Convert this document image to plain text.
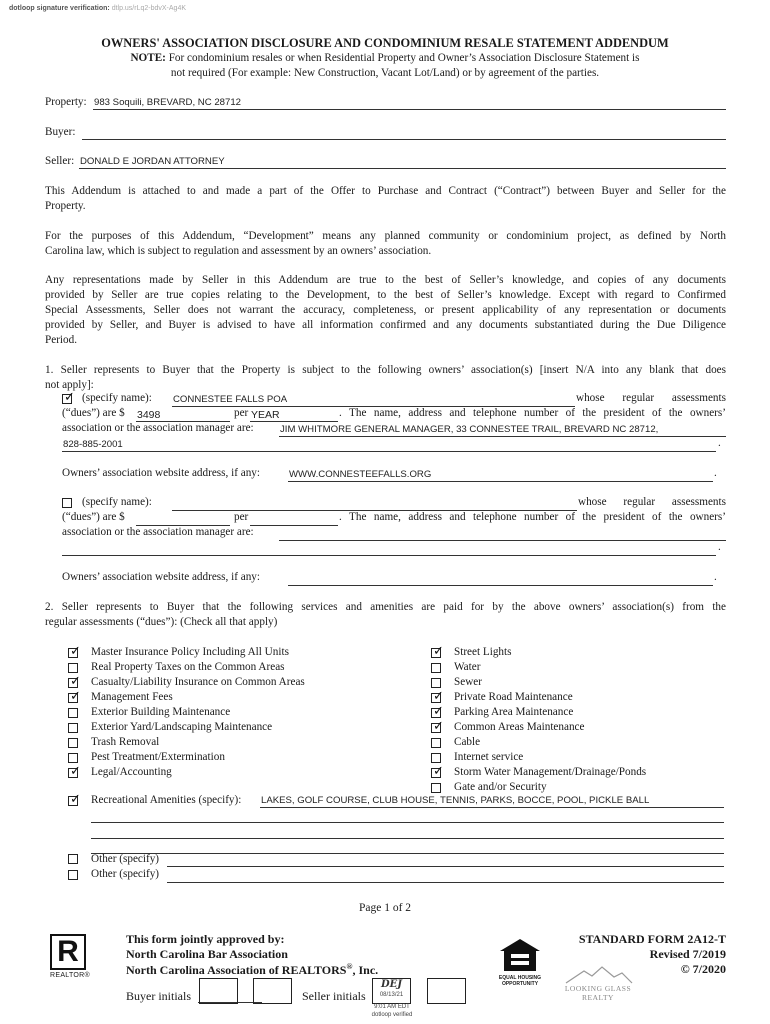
dotloop signature verification: dtlp.us/rLq2-bdvX-Ag4K
OWNERS' ASSOCIATION DISCLOSURE AND CONDOMINIUM RESALE STATEMENT ADDENDUM
NOTE: For condominium resales or when Residential Property and Owner’s Association Disclosure Statement is
not required (For example: New Construction, Vacant Lot/Land) or by agreement of the parties.
Property: 983 Soquili, BREVARD, NC 28712
Buyer:
Seller: DONALD E JORDAN ATTORNEY
This Addendum is attached to and made a part of the Offer to Purchase and Contract (“Contract”) between Buyer and Seller for the
Property.
For the purposes of this Addendum, “Development” means any planned community or condominium project, as defined by North
Carolina law, which is subject to regulation and assessment by an owners’ association.
Any representations made by Seller in this Addendum are true to the best of Seller’s knowledge, and copies of any documents
provided by Seller are true copies relating to the Development, to the best of Seller’s knowledge. Except with regard to Confirmed
Special Assessments, Seller does not warrant the accuracy, completeness, or present applicability of any representation or documents
provided by Seller, and Buyer is advised to have all information confirmed and any documents substantiated during the Due Diligence
Period.
1. Seller represents to Buyer that the Property is subject to the following owners’ association(s) [insert N/A into any blank that does
not apply]:
✓ (specify name): CONNESTEE FALLS POA	whose regular assessments
(“dues”) are $ 3498	per YEAR	. The name, address and telephone number of the president of the owners’
association or the association manager are:	JIM WHITMORE GENERAL MANAGER, 33 CONNESTEE TRAIL, BREVARD NC 28712,
828-885-2001	.
Owners’ association website address, if any:	WWW.CONNESTEEFALLS.ORG	.
(specify name):	whose regular assessments
(“dues”) are $	per	. The name, address and telephone number of the president of the owners’
association or the association manager are:
.
Owners’ association website address, if any:	.
2. Seller represents to Buyer that the following services and amenities are paid for by the above owners’ association(s) from the
regular assessments (“dues”): (Check all that apply)
✓ Master Insurance Policy Including All Units
Real Property Taxes on the Common Areas
✓ Casualty/Liability Insurance on Common Areas
✓ Management Fees
Exterior Building Maintenance
Exterior Yard/Landscaping Maintenance
Trash Removal
Pest Treatment/Extermination
✓ Legal/Accounting
✓ Street Lights
Water
Sewer
✓ Private Road Maintenance
✓ Parking Area Maintenance
✓ Common Areas Maintenance
Cable
Internet service
✓ Storm Water Management/Drainage/Ponds
Gate and/or Security
✓ Recreational Amenities (specify): LAKES, GOLF COURSE, CLUB HOUSE, TENNIS, PARKS, BOCCE, POOL, PICKLE BALL
Other (specify)
Other (specify)
Page 1 of 2
R
REALTOR®
This form jointly approved by:
North Carolina Bar Association
North Carolina Association of REALTORS®, Inc.
EQUAL HOUSING OPPORTUNITY
STANDARD FORM 2A12-T
Revised 7/2019
© 7/2020
Buyer initials	Seller initials
DEJ
08/13/21
9:01 AM EDT
dotloop verified
LOOKING GLASS REALTY
